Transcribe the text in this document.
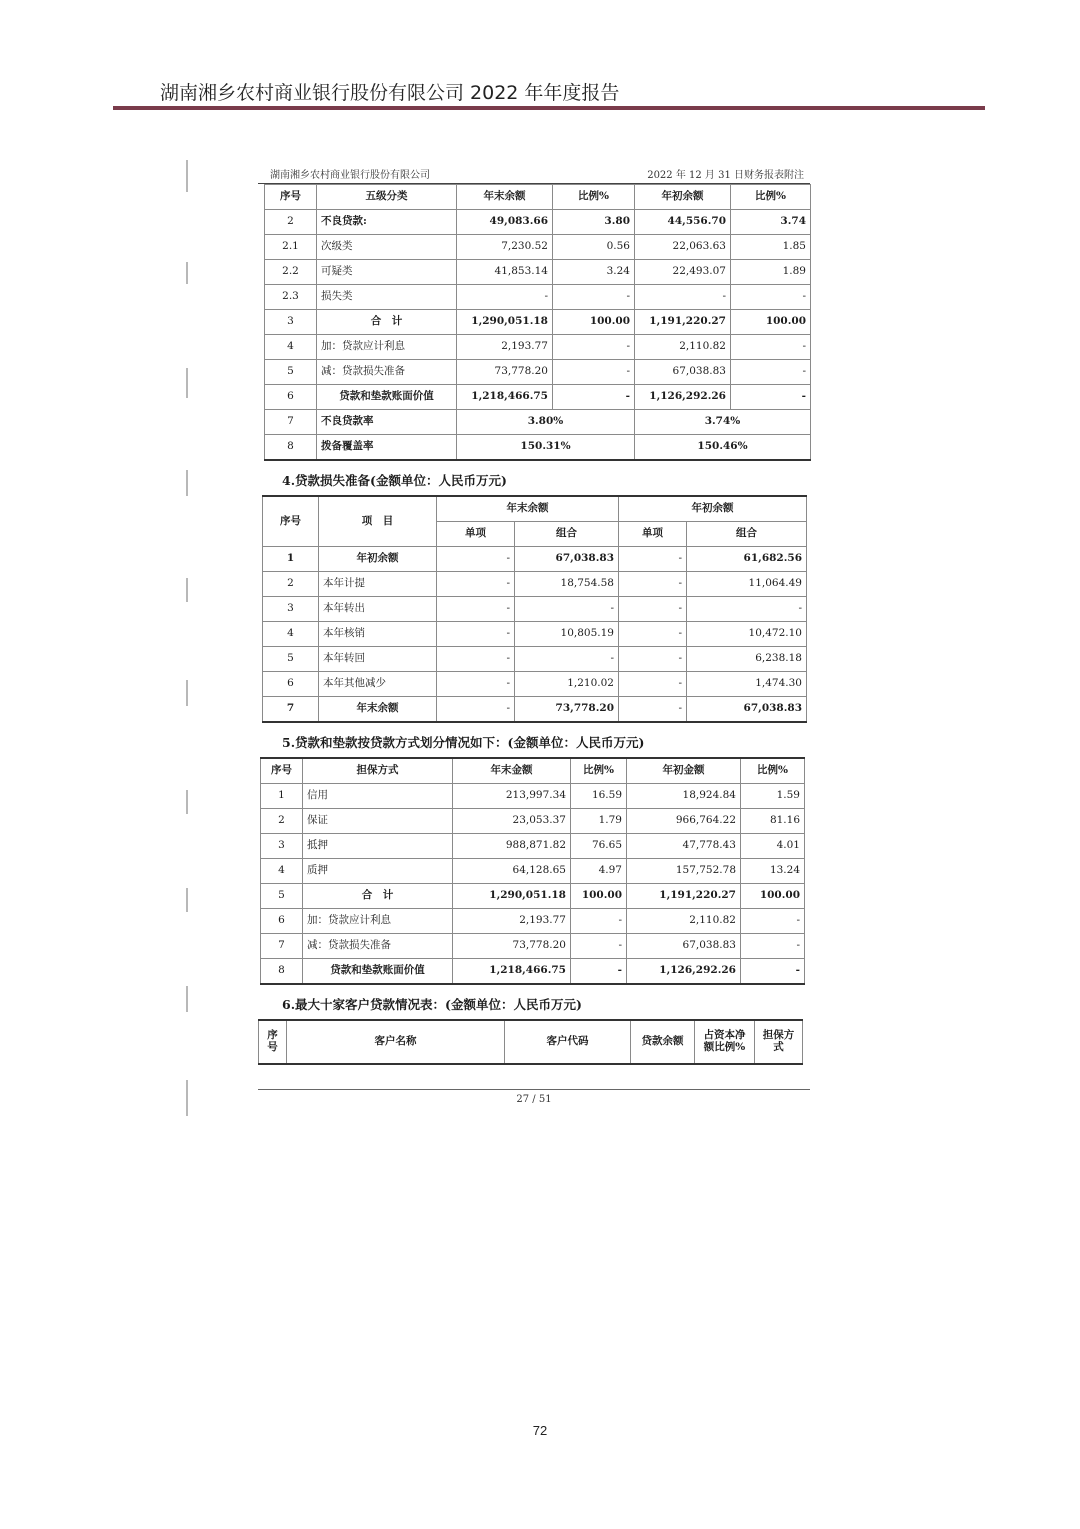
湖南湘乡农村商业银行股份有限公司 2022 年年度报告
湖南湘乡农村商业银行股份有限公司	2022 年 12 月 31 日财务报表附注
序号	五级分类	年末余额	比例%	年初余额	比例%
2	不良贷款:	49,083.66	3.80	44,556.70	3.74
2.1	次级类	7,230.52	0.56	22,063.63	1.85
2.2	可疑类	41,853.14	3.24	22,493.07	1.89
2.3	损失类	-	-	-	-
3	合　计	1,290,051.18	100.00	1,191,220.27	100.00
4	加：贷款应计利息	2,193.77	-	2,110.82	-
5	减：贷款损失准备	73,778.20	-	67,038.83	-
6	贷款和垫款账面价值	1,218,466.75	-	1,126,292.26	-
7	不良贷款率	3.80%		3.74%	
8	拨备覆盖率	150.31%		150.46%	
4.贷款损失准备(金额单位：人民币万元)
序号	项　目	年末余额		年初余额	
		单项	组合	单项	组合
1	年初余额	-	67,038.83	-	61,682.56
2	本年计提	-	18,754.58	-	11,064.49
3	本年转出	-	-	-	-
4	本年核销	-	10,805.19	-	10,472.10
5	本年转回	-	-	-	6,238.18
6	本年其他减少	-	1,210.02	-	1,474.30
7	年末余额	-	73,778.20	-	67,038.83
5.贷款和垫款按贷款方式划分情况如下：(金额单位：人民币万元)
序号	担保方式	年末金额	比例%	年初金额	比例%
1	信用	213,997.34	16.59	18,924.84	1.59
2	保证	23,053.37	1.79	966,764.22	81.16
3	抵押	988,871.82	76.65	47,778.43	4.01
4	质押	64,128.65	4.97	157,752.78	13.24
5	合　计	1,290,051.18	100.00	1,191,220.27	100.00
6	加：贷款应计利息	2,193.77	-	2,110.82	-
7	减：贷款损失准备	73,778.20	-	67,038.83	-
8	贷款和垫款账面价值	1,218,466.75	-	1,126,292.26	-
6.最大十家客户贷款情况表：(金额单位：人民币万元)
序号	客户名称	客户代码	贷款余额	占资本净额比例%	担保方式
27 / 51
72
